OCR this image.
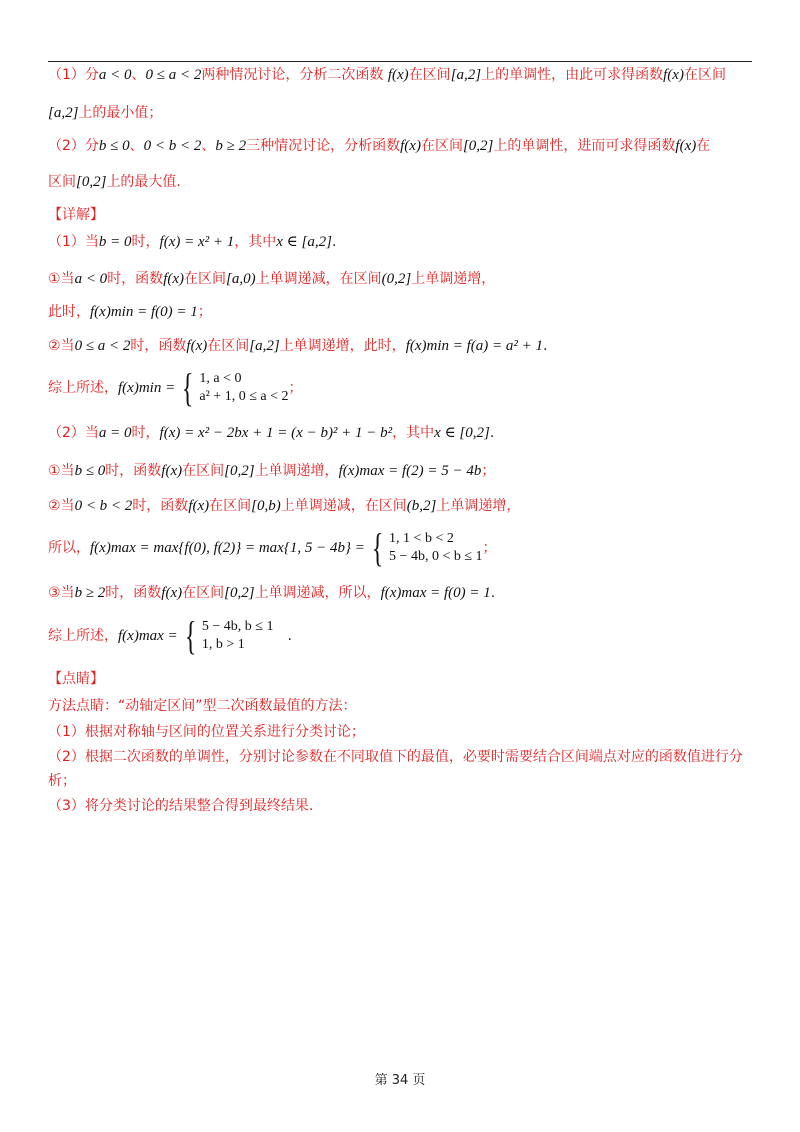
（1）分a < 0、0 ≤ a < 2两种情况讨论，分析二次函数 f(x)在区间[a,2]上的单调性，由此可求得函数f(x)在区间
[a,2]上的最小值；
（2）分b ≤ 0、0 < b < 2、b ≥ 2三种情况讨论，分析函数f(x)在区间[0,2]上的单调性，进而可求得函数f(x)在
区间[0,2]上的最大值.
【详解】
（1）当b = 0时，f(x) = x² + 1，其中x ∈ [a,2].
①当a < 0时，函数f(x)在区间[a,0)上单调递减，在区间(0,2]上单调递增，
此时，f(x)min = f(0) = 1；
②当0 ≤ a < 2时，函数f(x)在区间[a,2]上单调递增，此时，f(x)min = f(a) = a² + 1.
综上所述， f(x)min = { 1, a < 0
a² + 1, 0 ≤ a < 2
；
（2）当a = 0时，f(x) = x² − 2bx + 1 = (x − b)² + 1 − b²，其中x ∈ [0,2].
①当b ≤ 0时，函数f(x)在区间[0,2]上单调递增，f(x)max = f(2) = 5 − 4b；
②当0 < b < 2时，函数f(x)在区间[0,b)上单调递减，在区间(b,2]上单调递增，
所以， f(x)max = max{f(0), f(2)} = max{1, 5 − 4b} = { 1, 1 < b < 2
5 − 4b, 0 < b ≤ 1
；
③当b ≥ 2时，函数f(x)在区间[0,2]上单调递减，所以，f(x)max = f(0) = 1.
综上所述， f(x)max = { 5 − 4b, b ≤ 1
1, b > 1
.
【点睛】
方法点睛：“动轴定区间”型二次函数最值的方法：
（1）根据对称轴与区间的位置关系进行分类讨论；
（2）根据二次函数的单调性，分别讨论参数在不同取值下的最值，必要时需要结合区间端点对应的函数值进行分
析；
（3）将分类讨论的结果整合得到最终结果.
第 34 页
